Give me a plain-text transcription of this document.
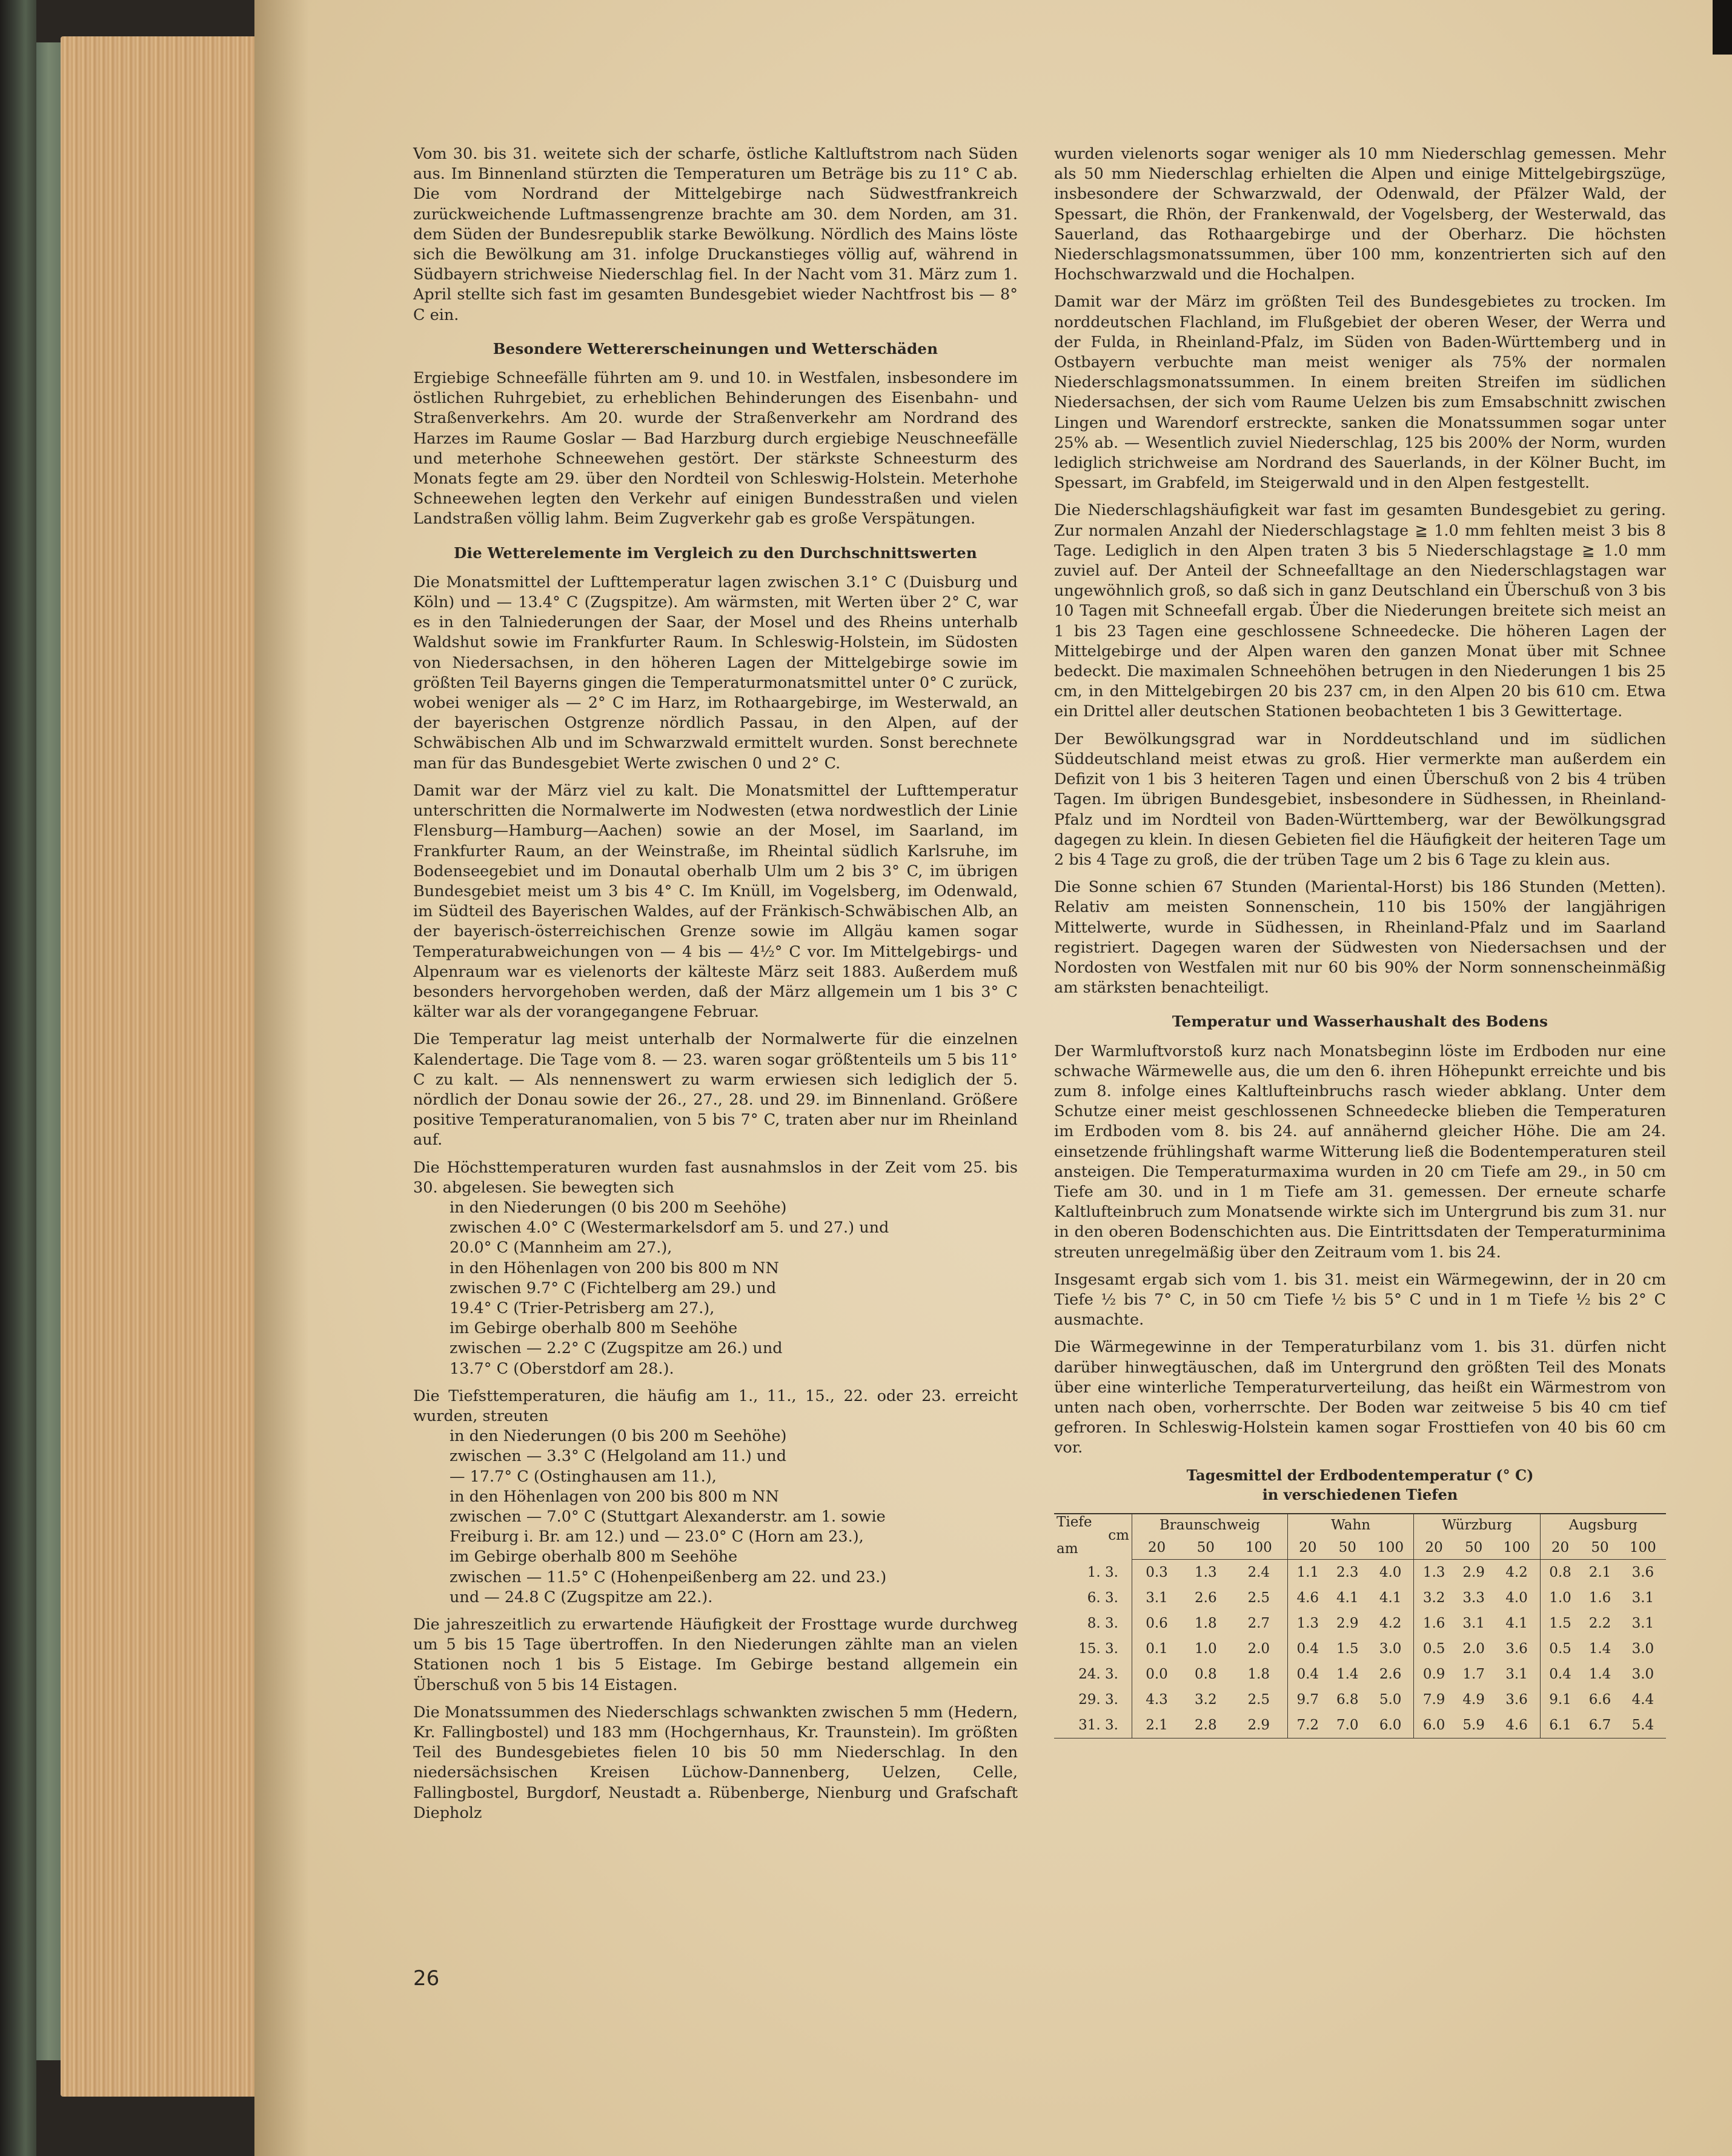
Vom 30. bis 31. weitete sich der scharfe, östliche Kaltluftstrom nach Süden aus. Im Binnenland stürzten die Temperaturen um Beträge bis zu 11° C ab. Die vom Nordrand der Mittelgebirge nach Südwestfrankreich zurückweichende Luftmassengrenze brachte am 30. dem Norden, am 31. dem Süden der Bundesrepublik starke Bewölkung. Nördlich des Mains löste sich die Bewölkung am 31. infolge Druckanstieges völlig auf, während in Südbayern strichweise Niederschlag fiel. In der Nacht vom 31. März zum 1. April stellte sich fast im gesamten Bundesgebiet wieder Nachtfrost bis — 8° C ein.

Besondere Wettererscheinungen und Wetterschäden

Ergiebige Schneefälle führten am 9. und 10. in Westfalen, insbesondere im östlichen Ruhrgebiet, zu erheblichen Behinderungen des Eisenbahn- und Straßenverkehrs. Am 20. wurde der Straßenverkehr am Nordrand des Harzes im Raume Goslar — Bad Harzburg durch ergiebige Neuschneefälle und meterhohe Schneewehen gestört. Der stärkste Schneesturm des Monats fegte am 29. über den Nordteil von Schleswig-Holstein. Meterhohe Schneewehen legten den Verkehr auf einigen Bundesstraßen und vielen Landstraßen völlig lahm. Beim Zugverkehr gab es große Verspätungen.

Die Wetterelemente im Vergleich zu den Durchschnittswerten

Die Monatsmittel der Lufttemperatur lagen zwischen 3.1° C (Duisburg und Köln) und — 13.4° C (Zugspitze). Am wärmsten, mit Werten über 2° C, war es in den Talniederungen der Saar, der Mosel und des Rheins unterhalb Waldshut sowie im Frankfurter Raum. In Schleswig-Holstein, im Südosten von Niedersachsen, in den höheren Lagen der Mittelgebirge sowie im größten Teil Bayerns gingen die Temperaturmonatsmittel unter 0° C zurück, wobei weniger als — 2° C im Harz, im Rothaargebirge, im Westerwald, an der bayerischen Ostgrenze nördlich Passau, in den Alpen, auf der Schwäbischen Alb und im Schwarzwald ermittelt wurden. Sonst berechnete man für das Bundesgebiet Werte zwischen 0 und 2° C.

Damit war der März viel zu kalt. Die Monatsmittel der Lufttemperatur unterschritten die Normalwerte im Nodwesten (etwa nordwestlich der Linie Flensburg—Hamburg—Aachen) sowie an der Mosel, im Saarland, im Frankfurter Raum, an der Weinstraße, im Rheintal südlich Karlsruhe, im Bodenseegebiet und im Donautal oberhalb Ulm um 2 bis 3° C, im übrigen Bundesgebiet meist um 3 bis 4° C. Im Knüll, im Vogelsberg, im Odenwald, im Südteil des Bayerischen Waldes, auf der Fränkisch-Schwäbischen Alb, an der bayerisch-österreichischen Grenze sowie im Allgäu kamen sogar Temperaturabweichungen von — 4 bis — 4½° C vor. Im Mittelgebirgs- und Alpenraum war es vielenorts der kälteste März seit 1883. Außerdem muß besonders hervorgehoben werden, daß der März allgemein um 1 bis 3° C kälter war als der vorangegangene Februar.

Die Temperatur lag meist unterhalb der Normalwerte für die einzelnen Kalendertage. Die Tage vom 8. — 23. waren sogar größtenteils um 5 bis 11° C zu kalt. — Als nennenswert zu warm erwiesen sich lediglich der 5. nördlich der Donau sowie der 26., 27., 28. und 29. im Binnenland. Größere positive Temperaturanomalien, von 5 bis 7° C, traten aber nur im Rheinland auf.

Die Höchsttemperaturen wurden fast ausnahmslos in der Zeit vom 25. bis 30. abgelesen. Sie bewegten sich
in den Niederungen (0 bis 200 m Seehöhe)
zwischen 4.0° C (Westermarkelsdorf am 5. und 27.) und
20.0° C (Mannheim am 27.),
in den Höhenlagen von 200 bis 800 m NN
zwischen 9.7° C (Fichtelberg am 29.) und
19.4° C (Trier-Petrisberg am 27.),
im Gebirge oberhalb 800 m Seehöhe
zwischen — 2.2° C (Zugspitze am 26.) und
13.7° C (Oberstdorf am 28.).
Die Tiefsttemperaturen, die häufig am 1., 11., 15., 22. oder 23. erreicht wurden, streuten
in den Niederungen (0 bis 200 m Seehöhe)
zwischen — 3.3° C (Helgoland am 11.) und
— 17.7° C (Ostinghausen am 11.),
in den Höhenlagen von 200 bis 800 m NN
zwischen — 7.0° C (Stuttgart Alexanderstr. am 1. sowie
Freiburg i. Br. am 12.) und — 23.0° C (Horn am 23.),
im Gebirge oberhalb 800 m Seehöhe
zwischen — 11.5° C (Hohenpeißenberg am 22. und 23.)
und — 24.8 C (Zugspitze am 22.).

Die jahreszeitlich zu erwartende Häufigkeit der Frosttage wurde durchweg um 5 bis 15 Tage übertroffen. In den Niederungen zählte man an vielen Stationen noch 1 bis 5 Eistage. Im Gebirge bestand allgemein ein Überschuß von 5 bis 14 Eistagen.

Die Monatssummen des Niederschlags schwankten zwischen 5 mm (Hedern, Kr. Fallingbostel) und 183 mm (Hochgernhaus, Kr. Traunstein). Im größten Teil des Bundesgebietes fielen 10 bis 50 mm Niederschlag. In den niedersächsischen Kreisen Lüchow-Dannenberg, Uelzen, Celle, Fallingbostel, Burgdorf, Neustadt a. Rübenberge, Nienburg und Grafschaft Diepholz

wurden vielenorts sogar weniger als 10 mm Niederschlag gemessen. Mehr als 50 mm Niederschlag erhielten die Alpen und einige Mittelgebirgszüge, insbesondere der Schwarzwald, der Odenwald, der Pfälzer Wald, der Spessart, die Rhön, der Frankenwald, der Vogelsberg, der Westerwald, das Sauerland, das Rothaargebirge und der Oberharz. Die höchsten Niederschlagsmonatssummen, über 100 mm, konzentrierten sich auf den Hochschwarzwald und die Hochalpen.

Damit war der März im größten Teil des Bundesgebietes zu trocken. Im norddeutschen Flachland, im Flußgebiet der oberen Weser, der Werra und der Fulda, in Rheinland-Pfalz, im Süden von Baden-Württemberg und in Ostbayern verbuchte man meist weniger als 75% der normalen Niederschlagsmonatssummen. In einem breiten Streifen im südlichen Niedersachsen, der sich vom Raume Uelzen bis zum Emsabschnitt zwischen Lingen und Warendorf erstreckte, sanken die Monatssummen sogar unter 25% ab. — Wesentlich zuviel Niederschlag, 125 bis 200% der Norm, wurden lediglich strichweise am Nordrand des Sauerlands, in der Kölner Bucht, im Spessart, im Grabfeld, im Steigerwald und in den Alpen festgestellt.

Die Niederschlagshäufigkeit war fast im gesamten Bundesgebiet zu gering. Zur normalen Anzahl der Niederschlagstage ≧ 1.0 mm fehlten meist 3 bis 8 Tage. Lediglich in den Alpen traten 3 bis 5 Niederschlagstage ≧ 1.0 mm zuviel auf. Der Anteil der Schneefalltage an den Niederschlagstagen war ungewöhnlich groß, so daß sich in ganz Deutschland ein Überschuß von 3 bis 10 Tagen mit Schneefall ergab. Über die Niederungen breitete sich meist an 1 bis 23 Tagen eine geschlossene Schneedecke. Die höheren Lagen der Mittelgebirge und der Alpen waren den ganzen Monat über mit Schnee bedeckt. Die maximalen Schneehöhen betrugen in den Niederungen 1 bis 25 cm, in den Mittelgebirgen 20 bis 237 cm, in den Alpen 20 bis 610 cm. Etwa ein Drittel aller deutschen Stationen beobachteten 1 bis 3 Gewittertage.

Der Bewölkungsgrad war in Norddeutschland und im südlichen Süddeutschland meist etwas zu groß. Hier vermerkte man außerdem ein Defizit von 1 bis 3 heiteren Tagen und einen Überschuß von 2 bis 4 trüben Tagen. Im übrigen Bundesgebiet, insbesondere in Südhessen, in Rheinland-Pfalz und im Nordteil von Baden-Württemberg, war der Bewölkungsgrad dagegen zu klein. In diesen Gebieten fiel die Häufigkeit der heiteren Tage um 2 bis 4 Tage zu groß, die der trüben Tage um 2 bis 6 Tage zu klein aus.

Die Sonne schien 67 Stunden (Mariental-Horst) bis 186 Stunden (Metten). Relativ am meisten Sonnenschein, 110 bis 150% der langjährigen Mittelwerte, wurde in Südhessen, in Rheinland-Pfalz und im Saarland registriert. Dagegen waren der Südwesten von Niedersachsen und der Nordosten von Westfalen mit nur 60 bis 90% der Norm sonnenscheinmäßig am stärksten benachteiligt.

Temperatur und Wasserhaushalt des Bodens

Der Warmluftvorstoß kurz nach Monatsbeginn löste im Erdboden nur eine schwache Wärmewelle aus, die um den 6. ihren Höhepunkt erreichte und bis zum 8. infolge eines Kaltlufteinbruchs rasch wieder abklang. Unter dem Schutze einer meist geschlossenen Schneedecke blieben die Temperaturen im Erdboden vom 8. bis 24. auf annähernd gleicher Höhe. Die am 24. einsetzende frühlingshaft warme Witterung ließ die Bodentemperaturen steil ansteigen. Die Temperaturmaxima wurden in 20 cm Tiefe am 29., in 50 cm Tiefe am 30. und in 1 m Tiefe am 31. gemessen. Der erneute scharfe Kaltlufteinbruch zum Monatsende wirkte sich im Untergrund bis zum 31. nur in den oberen Bodenschichten aus. Die Eintrittsdaten der Temperaturminima streuten unregelmäßig über den Zeitraum vom 1. bis 24.

Insgesamt ergab sich vom 1. bis 31. meist ein Wärmegewinn, der in 20 cm Tiefe ½ bis 7° C, in 50 cm Tiefe ½ bis 5° C und in 1 m Tiefe ½ bis 2° C ausmachte.

Die Wärmegewinne in der Temperaturbilanz vom 1. bis 31. dürfen nicht darüber hinwegtäuschen, daß im Untergrund den größten Teil des Monats über eine winterliche Temperaturverteilung, das heißt ein Wärmestrom von unten nach oben, vorherrschte. Der Boden war zeitweise 5 bis 40 cm tief gefroren. In Schleswig-Holstein kamen sogar Frosttiefen von 40 bis 60 cm vor.

Tagesmittel der Erdbodentemperatur (° C)
in verschiedenen Tiefen
Tiefe
cm
am	Braunschweig			Wahn			Würzburg			Augsburg		
	20	50	100	20	50	100	20	50	100	20	50	100
1. 3.	0.3	1.3	2.4	1.1	2.3	4.0	1.3	2.9	4.2	0.8	2.1	3.6
6. 3.	3.1	2.6	2.5	4.6	4.1	4.1	3.2	3.3	4.0	1.0	1.6	3.1
8. 3.	0.6	1.8	2.7	1.3	2.9	4.2	1.6	3.1	4.1	1.5	2.2	3.1
15. 3.	0.1	1.0	2.0	0.4	1.5	3.0	0.5	2.0	3.6	0.5	1.4	3.0
24. 3.	0.0	0.8	1.8	0.4	1.4	2.6	0.9	1.7	3.1	0.4	1.4	3.0
29. 3.	4.3	3.2	2.5	9.7	6.8	5.0	7.9	4.9	3.6	9.1	6.6	4.4
31. 3.	2.1	2.8	2.9	7.2	7.0	6.0	6.0	5.9	4.6	6.1	6.7	5.4
26
